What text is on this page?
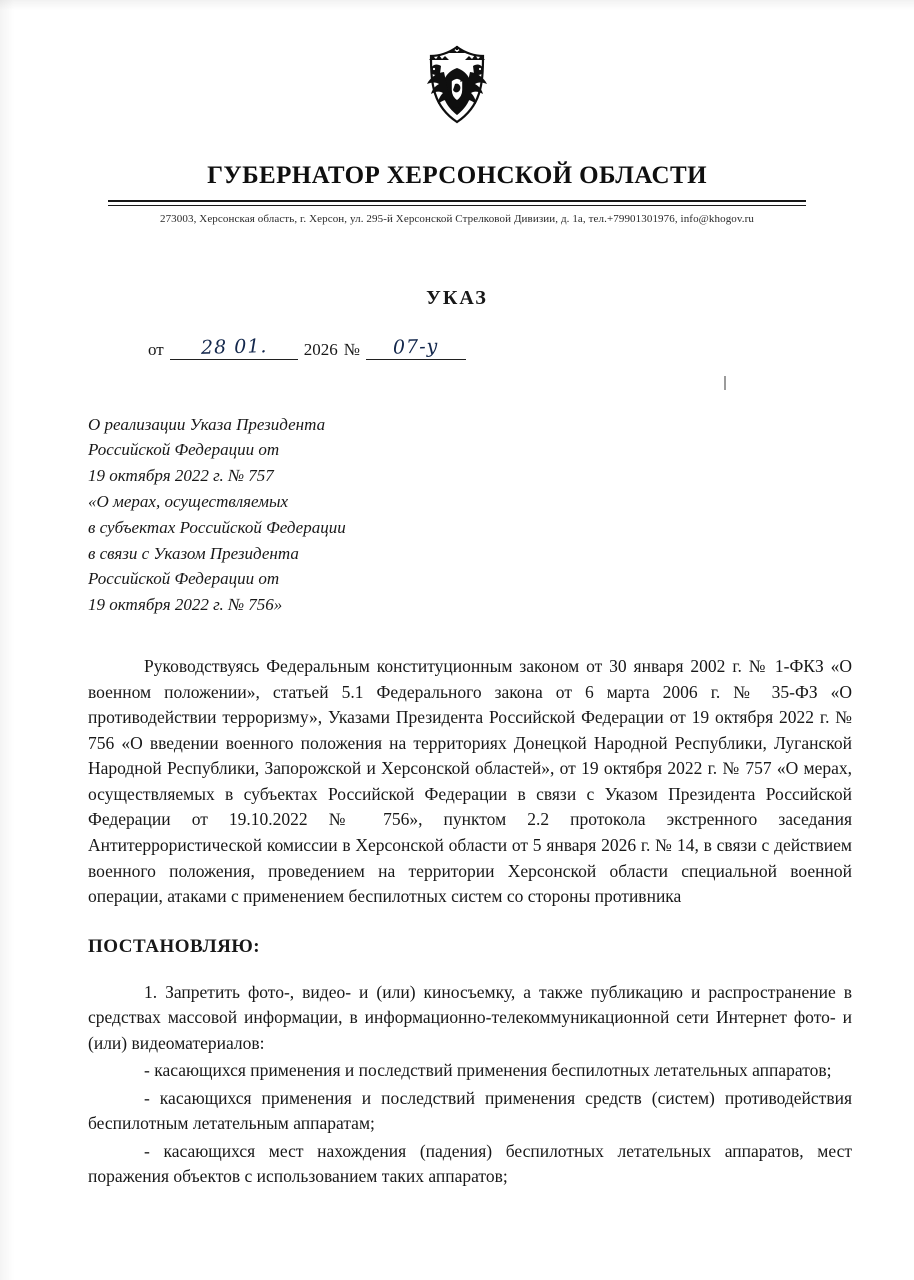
ГУБЕРНАТОР ХЕРСОНСКОЙ ОБЛАСТИ
273003, Херсонская область, г. Херсон, ул. 295-й Херсонской Стрелковой Дивизии, д. 1а, тел.+79901301976, info@khogov.ru
УКАЗ
от	28 01.	2026 №	07-у
О реализации Указа Президента
Российской Федерации от
19 октября 2022 г. № 757
«О мерах, осуществляемых
в субъектах Российской Федерации
в связи с Указом Президента
Российской Федерации от
19 октября 2022 г. № 756»
Руководствуясь Федеральным конституционным законом от 30 января 2002 г. № 1-ФКЗ «О военном положении», статьей 5.1 Федерального закона от 6 марта 2006 г. № 35-ФЗ «О противодействии терроризму», Указами Президента Российской Федерации от 19 октября 2022 г. № 756 «О введении военного положения на территориях Донецкой Народной Республики, Луганской Народной Республики, Запорожской и Херсонской областей», от 19 октября 2022 г. № 757 «О мерах, осуществляемых в субъектах Российской Федерации в связи с Указом Президента Российской Федерации от 19.10.2022 № 756», пунктом 2.2 протокола экстренного заседания Антитеррористической комиссии в Херсонской области от 5 января 2026 г. № 14, в связи с действием военного положения, проведением на территории Херсонской области специальной военной операции, атаками с применением беспилотных систем со стороны противника
ПОСТАНОВЛЯЮ:

1. Запретить фото-, видео- и (или) киносъемку, а также публикацию и распространение в средствах массовой информации, в информационно-телекоммуникационной сети Интернет фото- и (или) видеоматериалов:

- касающихся применения и последствий применения беспилотных летательных аппаратов;

- касающихся применения и последствий применения средств (систем) противодействия беспилотным летательным аппаратам;

- касающихся мест нахождения (падения) беспилотных летательных аппаратов, мест поражения объектов с использованием таких аппаратов;
